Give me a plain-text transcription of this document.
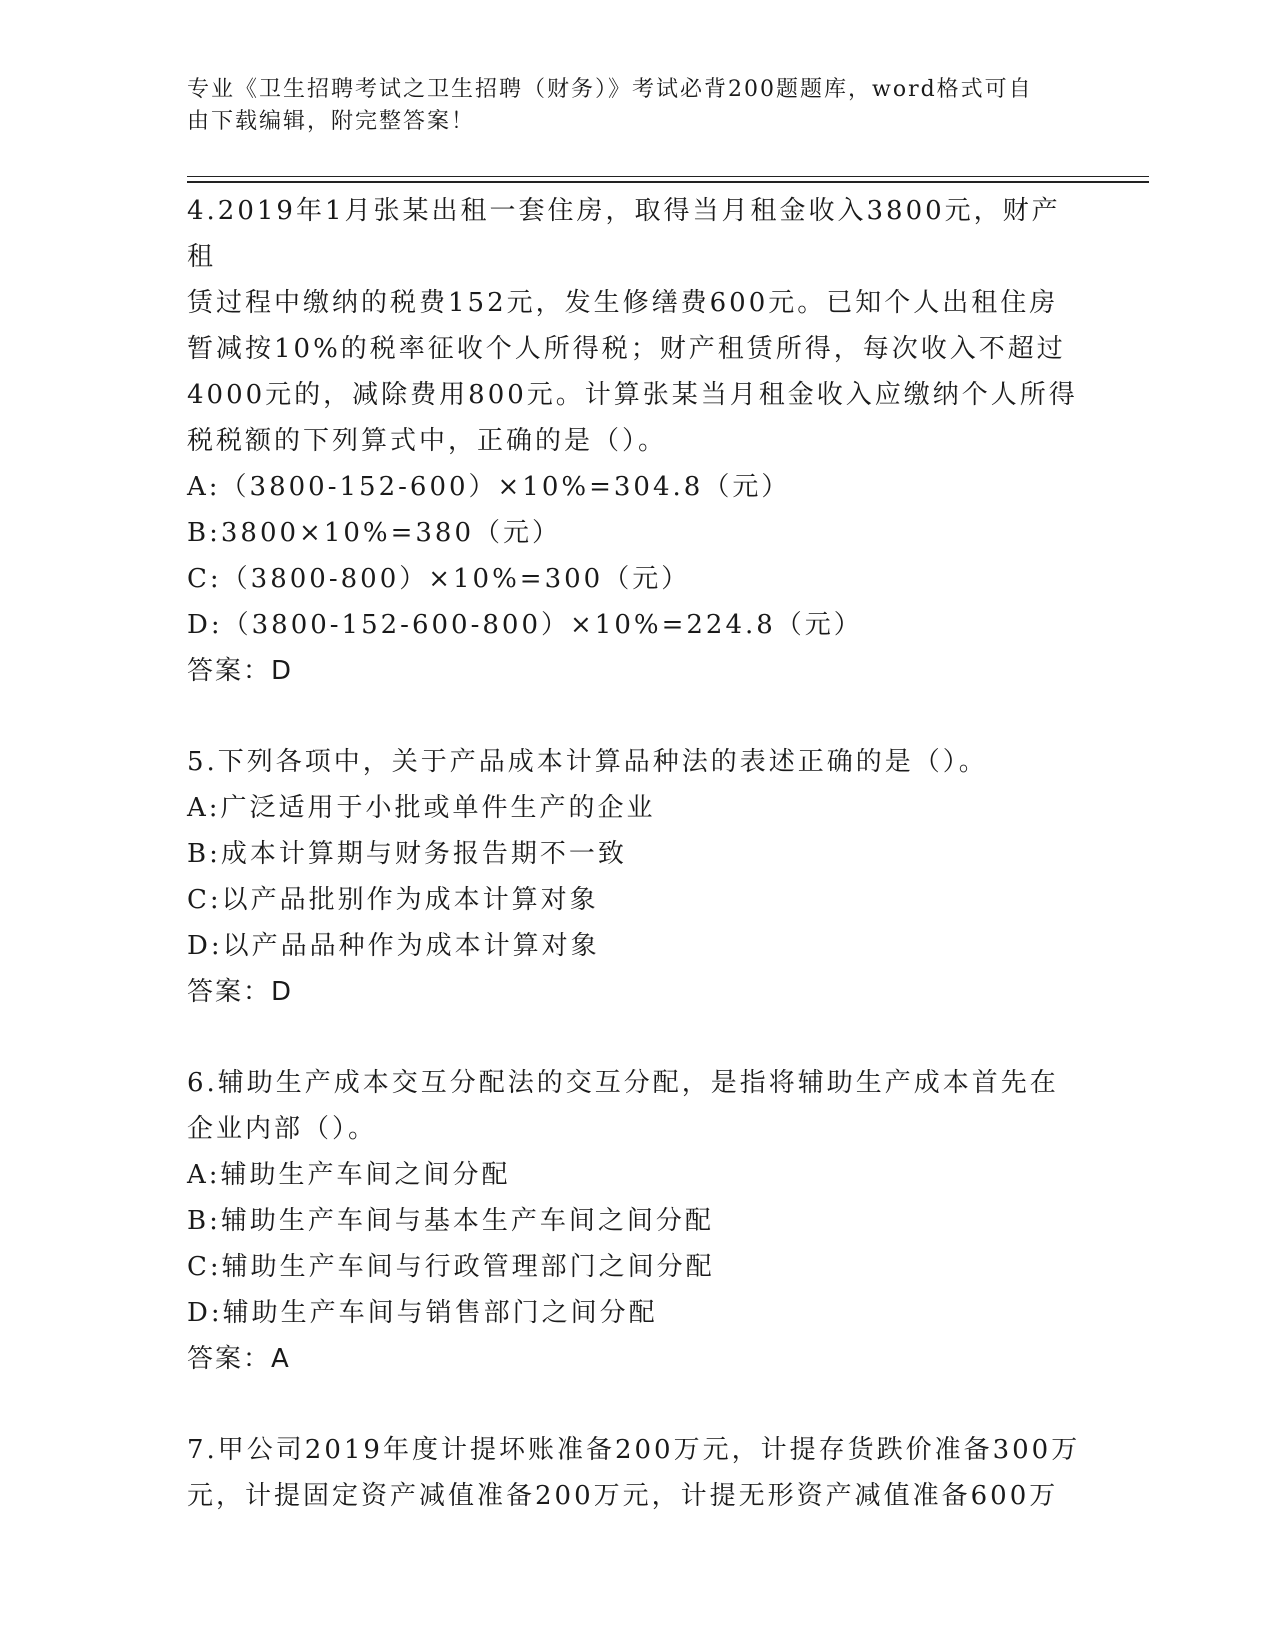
专业《卫生招聘考试之卫生招聘（财务）》考试必背200题题库，word格式可自
由下载编辑，附完整答案！

4.2019年1月张某出租一套住房，取得当月租金收入3800元，财产租

赁过程中缴纳的税费152元，发生修缮费600元。已知个人出租住房

暂减按10%的税率征收个人所得税；财产租赁所得，每次收入不超过

4000元的，减除费用800元。计算张某当月租金收入应缴纳个人所得

税税额的下列算式中，正确的是（）。

A:（3800-152-600）×10%=304.8（元）

B:3800×10%=380（元）

C:（3800-800）×10%=300（元）

D:（3800-152-600-800）×10%=224.8（元）

答案：D

5.下列各项中，关于产品成本计算品种法的表述正确的是（）。

A:广泛适用于小批或单件生产的企业

B:成本计算期与财务报告期不一致

C:以产品批别作为成本计算对象

D:以产品品种作为成本计算对象

答案：D

6.辅助生产成本交互分配法的交互分配，是指将辅助生产成本首先在

企业内部（）。

A:辅助生产车间之间分配

B:辅助生产车间与基本生产车间之间分配

C:辅助生产车间与行政管理部门之间分配

D:辅助生产车间与销售部门之间分配

答案：A

7.甲公司2019年度计提坏账准备200万元，计提存货跌价准备300万

元，计提固定资产减值准备200万元，计提无形资产减值准备600万
